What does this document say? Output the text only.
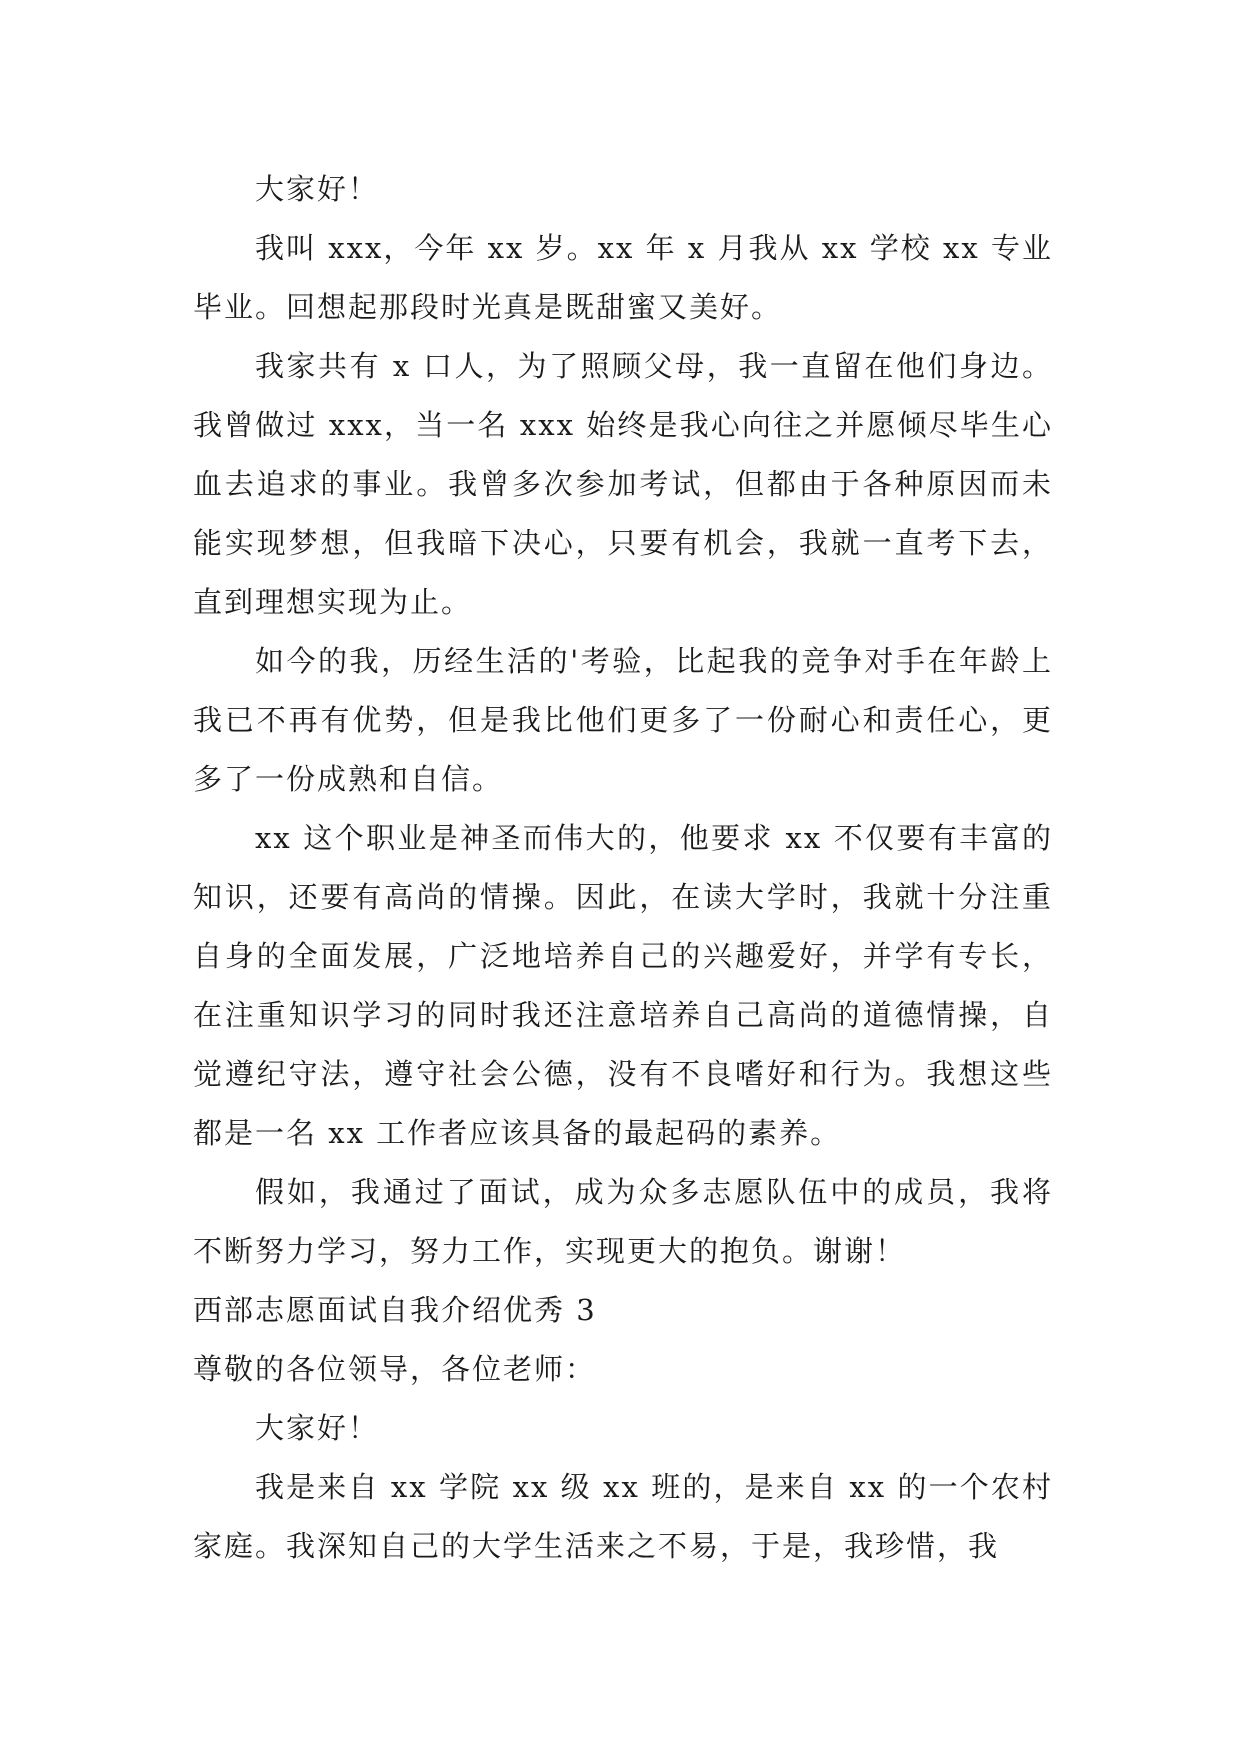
大家好！

我叫 xxx，今年 xx 岁。xx 年 x 月我从 xx 学校 xx 专业毕业。回想起那段时光真是既甜蜜又美好。

我家共有 x 口人，为了照顾父母，我一直留在他们身边。我曾做过 xxx，当一名 xxx 始终是我心向往之并愿倾尽毕生心血去追求的事业。我曾多次参加考试，但都由于各种原因而未能实现梦想，但我暗下决心，只要有机会，我就一直考下去，直到理想实现为止。

如今的我，历经生活的'考验，比起我的竞争对手在年龄上我已不再有优势，但是我比他们更多了一份耐心和责任心，更多了一份成熟和自信。

xx 这个职业是神圣而伟大的，他要求 xx 不仅要有丰富的知识，还要有高尚的情操。因此，在读大学时，我就十分注重自身的全面发展，广泛地培养自己的兴趣爱好，并学有专长，在注重知识学习的同时我还注意培养自己高尚的道德情操，自觉遵纪守法，遵守社会公德，没有不良嗜好和行为。我想这些都是一名 xx 工作者应该具备的最起码的素养。

假如，我通过了面试，成为众多志愿队伍中的成员，我将不断努力学习，努力工作，实现更大的抱负。谢谢！

西部志愿面试自我介绍优秀 3

尊敬的各位领导，各位老师：

大家好！

我是来自 xx 学院 xx 级 xx 班的，是来自 xx 的一个农村家庭。我深知自己的大学生活来之不易，于是，我珍惜，我
